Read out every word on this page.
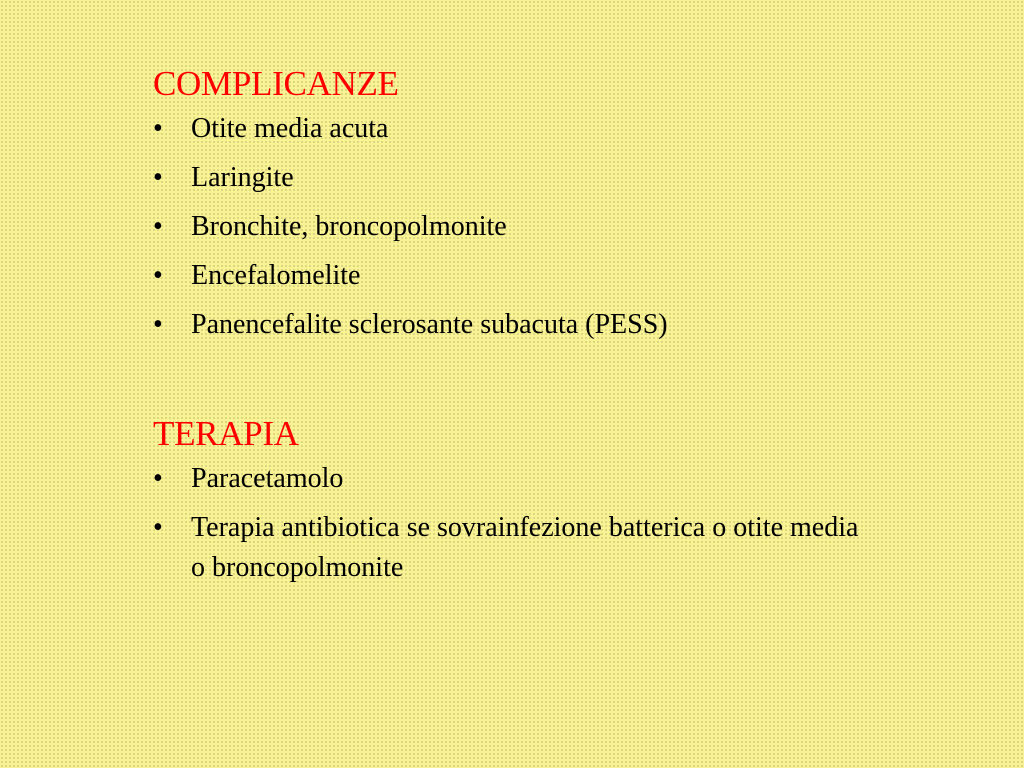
COMPLICANZE
•	Otite media acuta
•	Laringite
•	Bronchite, broncopolmonite
•	Encefalomelite
•	Panencefalite sclerosante subacuta (PESS)
TERAPIA
•	Paracetamolo
•	Terapia antibiotica se sovrainfezione batterica o otite media o broncopolmonite
